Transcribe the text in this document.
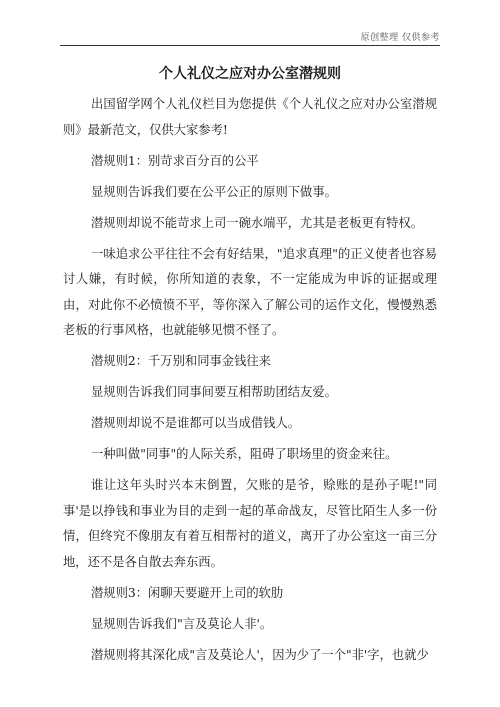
原创整理 仅供参考
个人礼仪之应对办公室潜规则

出国留学网个人礼仪栏目为您提供《个人礼仪之应对办公室潜规则》最新范文，仅供大家参考!

潜规则1：别苛求百分百的公平

显规则告诉我们要在公平公正的原则下做事。

潜规则却说不能苛求上司一碗水端平，尤其是老板更有特权。

一味追求公平往往不会有好结果，"追求真理"的正义使者也容易讨人嫌，有时候，你所知道的表象，不一定能成为申诉的证据或理由，对此你不必愤愤不平，等你深入了解公司的运作文化，慢慢熟悉老板的行事风格，也就能够见惯不怪了。

潜规则2：千万别和同事金钱往来

显规则告诉我们同事间要互相帮助团结友爱。

潜规则却说不是谁都可以当成借钱人。

一种叫做"同事"的人际关系，阻碍了职场里的资金来往。

谁让这年头时兴本末倒置，欠账的是爷，赊账的是孙子呢!"同事'是以挣钱和事业为目的走到一起的革命战友，尽管比陌生人多一份情，但终究不像朋友有着互相帮衬的道义，离开了办公室这一亩三分地，还不是各自散去奔东西。

潜规则3：闲聊天要避开上司的软肋

显规则告诉我们"言及莫论人非'。

潜规则将其深化成"言及莫论人'，因为少了一个"非'字，也就少
